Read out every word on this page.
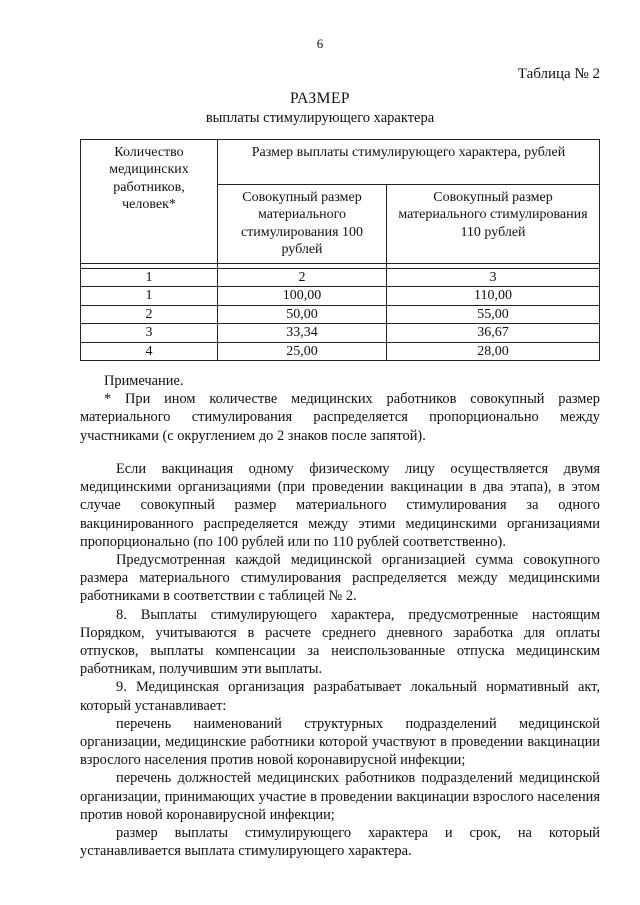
6
Таблица № 2
РАЗМЕР
выплаты стимулирующего характера
Количество медицинских работников, человек*	Размер выплаты стимулирующего характера, рублей	
	Совокупный размер материального стимулирования 100 рублей	Совокупный размер материального стимулирования 110 рублей

1	2	3
1	100,00	110,00
2	50,00	55,00
3	33,34	36,67
4	25,00	28,00

Примечание.

* При ином количестве медицинских работников совокупный размер материального стимулирования распределяется пропорционально между участниками (с округлением до 2 знаков после запятой).

Если вакцинация одному физическому лицу осуществляется двумя медицинскими организациями (при проведении вакцинации в два этапа), в этом случае совокупный размер материального стимулирования за одного вакцинированного распределяется между этими медицинскими организациями пропорционально (по 100 рублей или по 110 рублей соответственно).

Предусмотренная каждой медицинской организацией сумма совокупного размера материального стимулирования распределяется между медицинскими работниками в соответствии с таблицей № 2.

8. Выплаты стимулирующего характера, предусмотренные настоящим Порядком, учитываются в расчете среднего дневного заработка для оплаты отпусков, выплаты компенсации за неиспользованные отпуска медицинским работникам, получившим эти выплаты.

9. Медицинская организация разрабатывает локальный нормативный акт, который устанавливает:

перечень наименований структурных подразделений медицинской организации, медицинские работники которой участвуют в проведении вакцинации взрослого населения против новой коронавирусной инфекции;

перечень должностей медицинских работников подразделений медицинской организации, принимающих участие в проведении вакцинации взрослого населения против новой коронавирусной инфекции;

размер выплаты стимулирующего характера и срок, на который устанавливается выплата стимулирующего характера.
